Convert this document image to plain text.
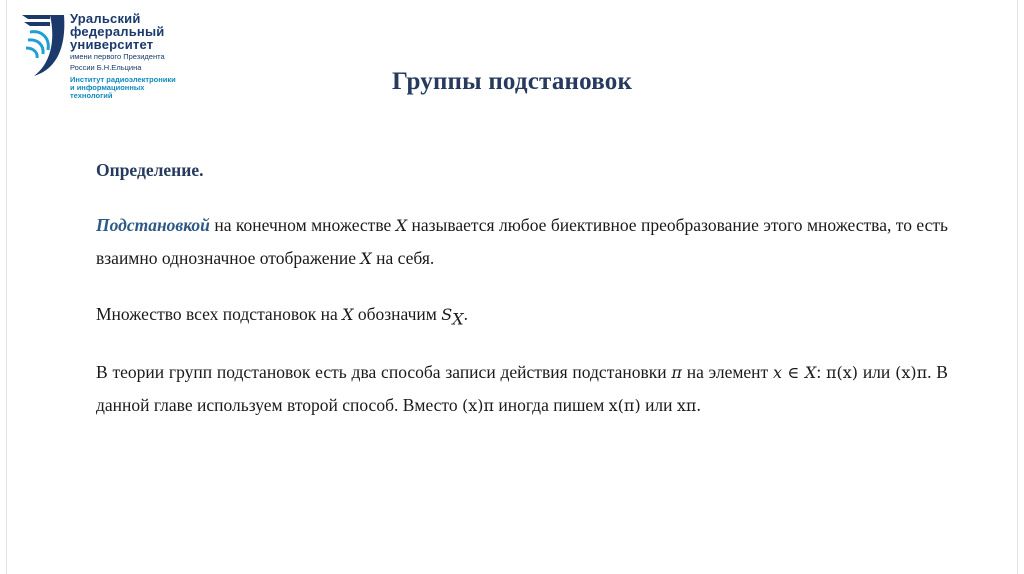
Уральский
федеральный
университет
имени первого Президента
России Б.Н.Ельцина
Институт радиоэлектроники
и информационных
технологий
Группы подстановок

Определение.

Подстановкой на конечном множестве X называется любое биективное преобразование этого множества, то есть взаимно однозначное отображение X на себя.

Множество всех подстановок на X обозначим $S_X$.

В теории групп подстановок есть два способа записи действия подстановки π на элемент x ∈ X: π(x) или (x)π. В данной главе используем второй способ. Вместо (x)π иногда пишем x(π) или xπ.
